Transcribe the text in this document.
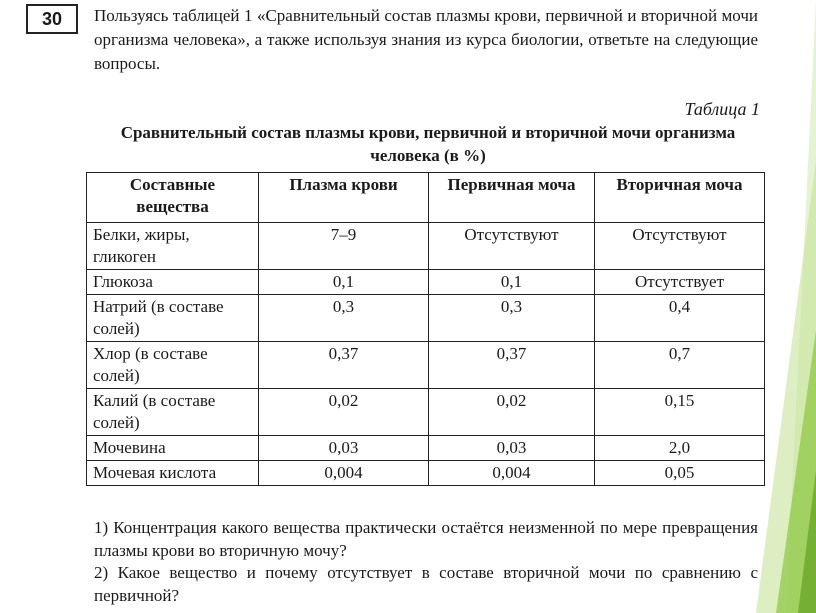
30	Пользуясь таблицей 1 «Сравнительный состав плазмы крови, первичной и вторичной мочи организма человека», а также используя знания из курса биологии, ответьте на следующие вопросы.

Таблица 1
Сравнительный состав плазмы крови, первичной и вторичной мочи организма человека (в %)
Составные вещества	Плазма крови	Первичная моча	Вторичная моча
Белки, жиры, гликоген	7–9	Отсутствуют	Отсутствуют
Глюкоза	0,1	0,1	Отсутствует
Натрий (в составе солей)	0,3	0,3	0,4
Хлор (в составе солей)	0,37	0,37	0,7
Калий (в составе солей)	0,02	0,02	0,15
Мочевина	0,03	0,03	2,0
Мочевая кислота	0,004	0,004	0,05

1) Концентрация какого вещества практически остаётся неизменной по мере превращения плазмы крови во вторичную мочу?

2) Какое вещество и почему отсутствует в составе вторичной мочи по сравнению с первичной?
